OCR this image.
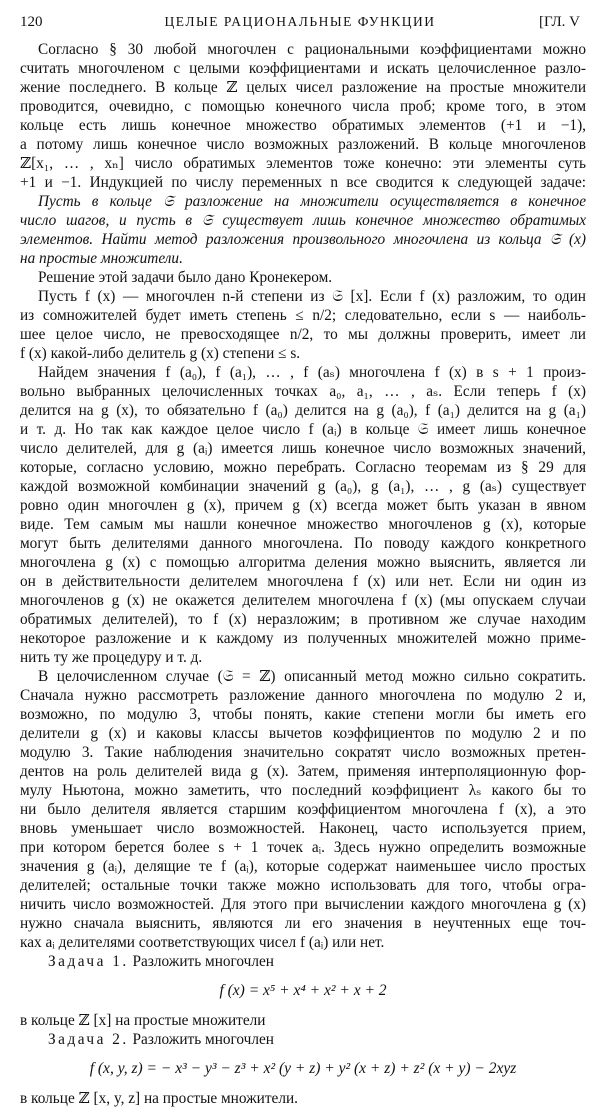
120	ЦЕЛЫЕ РАЦИОНАЛЬНЫЕ ФУНКЦИИ	[ГЛ. V
Согласно § 30 любой многочлен с рациональными коэффициентами можно
считать многочленом с целыми коэффициентами и искать целочисленное разло-
жение последнего. В кольце ℤ целых чисел разложение на простые множители
проводится, очевидно, с помощью конечного числа проб; кроме того, в этом
кольце есть лишь конечное множество обратимых элементов (+1 и −1),
а потому лишь конечное число возможных разложений. В кольце многочленов
ℤ[x₁, … , xₙ] число обратимых элементов тоже конечно: эти элементы суть
+1 и −1. Индукцией по числу переменных n все сводится к следующей задаче:
Пусть в кольце 𝔖 разложение на множители осуществляется в конечное
число шагов, и пусть в 𝔖 существует лишь конечное множество обратимых
элементов. Найти метод разложения произвольного многочлена из кольца 𝔖 (x)
на простые множители.
Решение этой задачи было дано Кронекером.
Пусть f (x) — многочлен n-й степени из 𝔖 [x]. Если f (x) разложим, то один
из сомножителей будет иметь степень ≤ n/2; следовательно, если s — наиболь-
шее целое число, не превосходящее n/2, то мы должны проверить, имеет ли
f (x) какой-либо делитель g (x) степени ≤ s.
Найдем значения f (a₀), f (a₁), … , f (aₛ) многочлена f (x) в s + 1 произ-
вольно выбранных целочисленных точках a₀, a₁, … , aₛ. Если теперь f (x)
делится на g (x), то обязательно f (a₀) делится на g (a₀), f (a₁) делится на g (a₁)
и т. д. Но так как каждое целое число f (aᵢ) в кольце 𝔖 имеет лишь конечное
число делителей, для g (aᵢ) имеется лишь конечное число возможных значений,
которые, согласно условию, можно перебрать. Согласно теоремам из § 29 для
каждой возможной комбинации значений g (a₀), g (a₁), … , g (aₛ) существует
ровно один многочлен g (x), причем g (x) всегда может быть указан в явном
виде. Тем самым мы нашли конечное множество многочленов g (x), которые
могут быть делителями данного многочлена. По поводу каждого конкретного
многочлена g (x) с помощью алгоритма деления можно выяснить, является ли
он в действительности делителем многочлена f (x) или нет. Если ни один из
многочленов g (x) не окажется делителем многочлена f (x) (мы опускаем случаи
обратимых делителей), то f (x) неразложим; в противном же случае находим
некоторое разложение и к каждому из полученных множителей можно приме-
нить ту же процедуру и т. д.
В целочисленном случае (𝔖 = ℤ) описанный метод можно сильно сократить.
Сначала нужно рассмотреть разложение данного многочлена по модулю 2 и,
возможно, по модулю 3, чтобы понять, какие степени могли бы иметь его
делители g (x) и каковы классы вычетов коэффициентов по модулю 2 и по
модулю 3. Такие наблюдения значительно сократят число возможных претен-
дентов на роль делителей вида g (x). Затем, применяя интерполяционную фор-
мулу Ньютона, можно заметить, что последний коэффициент λₛ какого бы то
ни было делителя является старшим коэффициентом многочлена f (x), а это
вновь уменьшает число возможностей. Наконец, часто используется прием,
при котором берется более s + 1 точек aᵢ. Здесь нужно определить возможные
значения g (aᵢ), делящие те f (aᵢ), которые содержат наименьшее число простых
делителей; остальные точки также можно использовать для того, чтобы огра-
ничить число возможностей. Для этого при вычислении каждого многочлена g (x)
нужно сначала выяснить, являются ли его значения в неучтенных еще точ-
ках aᵢ делителями соответствующих чисел f (aᵢ) или нет.
Задача 1. Разложить многочлен
f (x) = x⁵ + x⁴ + x² + x + 2
в кольце ℤ [x] на простые множители
Задача 2. Разложить многочлен
f (x, y, z) = − x³ − y³ − z³ + x² (y + z) + y² (x + z) + z² (x + y) − 2xyz
в кольце ℤ [x, y, z] на простые множители.
